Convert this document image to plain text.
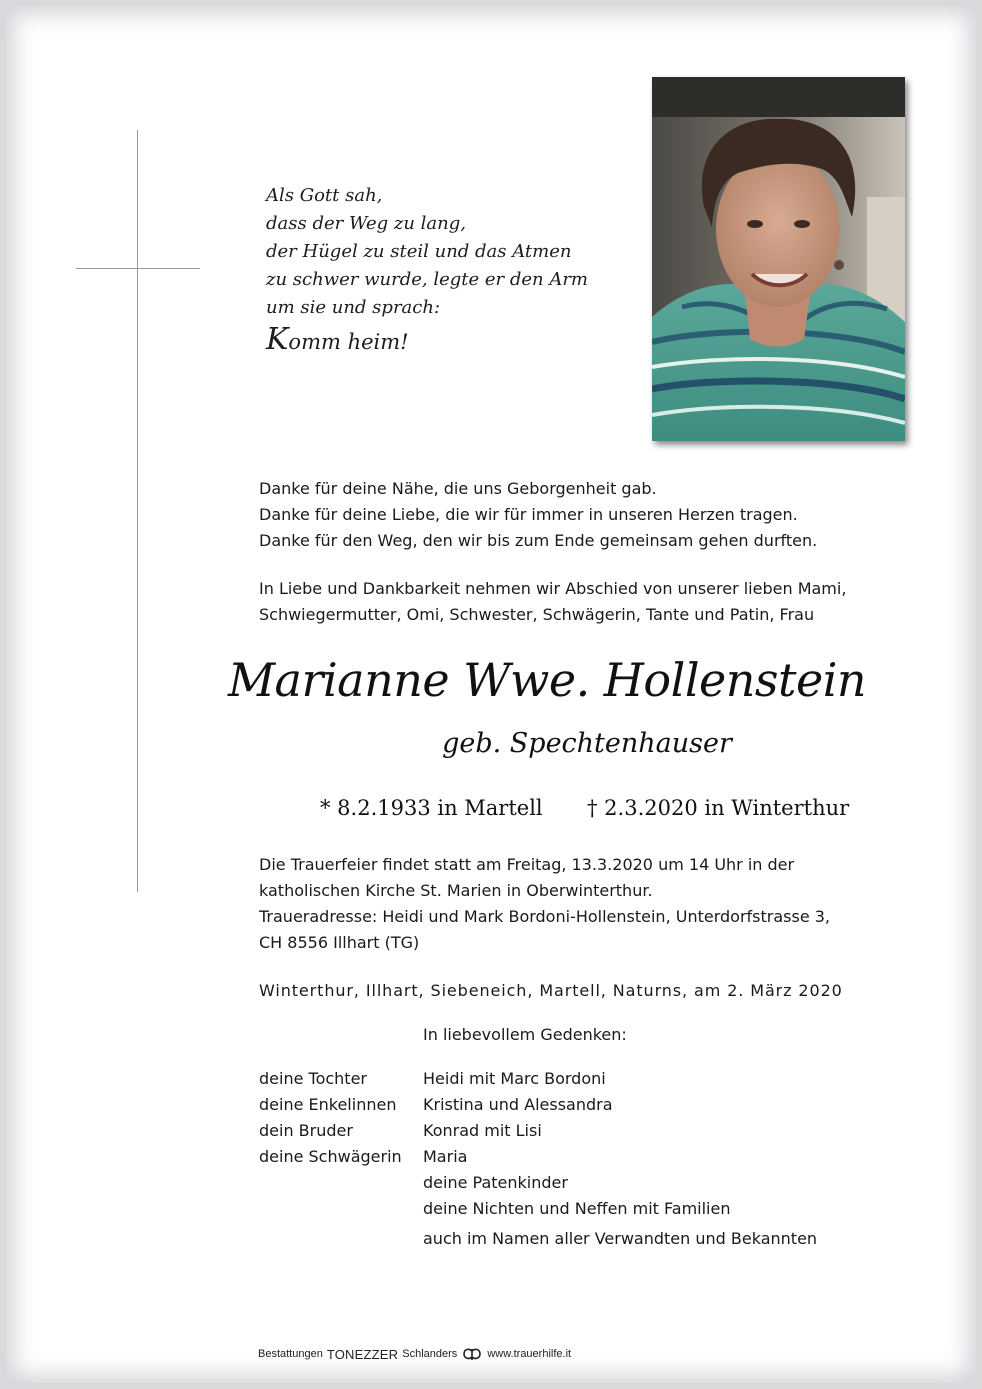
Als Gott sah,
dass der Weg zu lang,
der Hügel zu steil und das Atmen
zu schwer wurde, legte er den Arm
um sie und sprach:
Komm heim!
Danke für deine Nähe, die uns Geborgenheit gab.
Danke für deine Liebe, die wir für immer in unseren Herzen tragen.
Danke für den Weg, den wir bis zum Ende gemeinsam gehen durften.
In Liebe und Dankbarkeit nehmen wir Abschied von unserer lieben Mami,
Schwiegermutter, Omi, Schwester, Schwägerin, Tante und Patin, Frau
Marianne Wwe. Hollenstein
geb. Spechtenhauser
* 8.2.1933 in Martell † 2.3.2020 in Winterthur
Die Trauerfeier findet statt am Freitag, 13.3.2020 um 14 Uhr in der
katholischen Kirche St. Marien in Oberwinterthur.
Traueradresse: Heidi und Mark Bordoni-Hollenstein, Unterdorfstrasse 3,
CH 8556 Illhart (TG)
Winterthur, Illhart, Siebeneich, Martell, Naturns, am 2. März 2020
In liebevollem Gedenken:
deine Tochter	Heidi mit Marc Bordoni
deine Enkelinnen Kristina und Alessandra
dein Bruder	Konrad mit Lisi
deine Schwägerin Maria
deine Patenkinder
deine Nichten und Neffen mit Familien
auch im Namen aller Verwandten und Bekannten
Bestattungen TONEZZER Schlanders	www.trauerhilfe.it
